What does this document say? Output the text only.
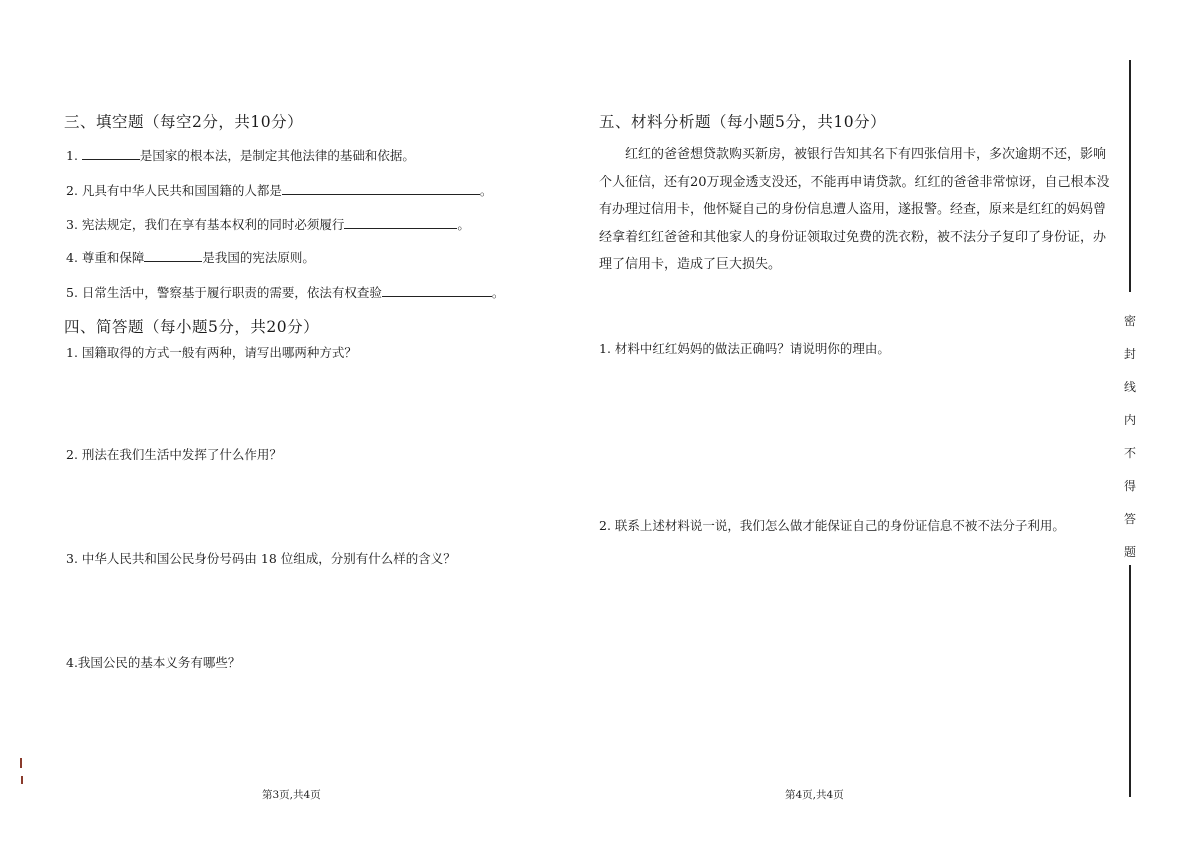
三、填空题（每空2分，共10分）
1.	是国家的根本法，是制定其他法律的基础和依据。
2. 凡具有中华人民共和国国籍的人都是	。
3. 宪法规定，我们在享有基本权利的同时必须履行	。
4. 尊重和保障	是我国的宪法原则。
5. 日常生活中，警察基于履行职责的需要，依法有权查验	。
四、简答题（每小题5分，共20分）
1. 国籍取得的方式一般有两种，请写出哪两种方式？
2. 刑法在我们生活中发挥了什么作用？
3. 中华人民共和国公民身份号码由 18 位组成，分别有什么样的含义？
4.我国公民的基本义务有哪些？
第3页,共4页
五、材料分析题（每小题5分，共10分）
红红的爸爸想贷款购买新房，被银行告知其名下有四张信用卡，多次逾期不还，影响
个人征信，还有20万现金透支没还，不能再申请贷款。红红的爸爸非常惊讶，自己根本没
有办理过信用卡，他怀疑自己的身份信息遭人盗用，遂报警。经查，原来是红红的妈妈曾
经拿着红红爸爸和其他家人的身份证领取过免费的洗衣粉，被不法分子复印了身份证，办
理了信用卡，造成了巨大损失。
1. 材料中红红妈妈的做法正确吗？请说明你的理由。
2. 联系上述材料说一说，我们怎么做才能保证自己的身份证信息不被不法分子利用。
第4页,共4页
密
封
线
内
不
得
答
题
